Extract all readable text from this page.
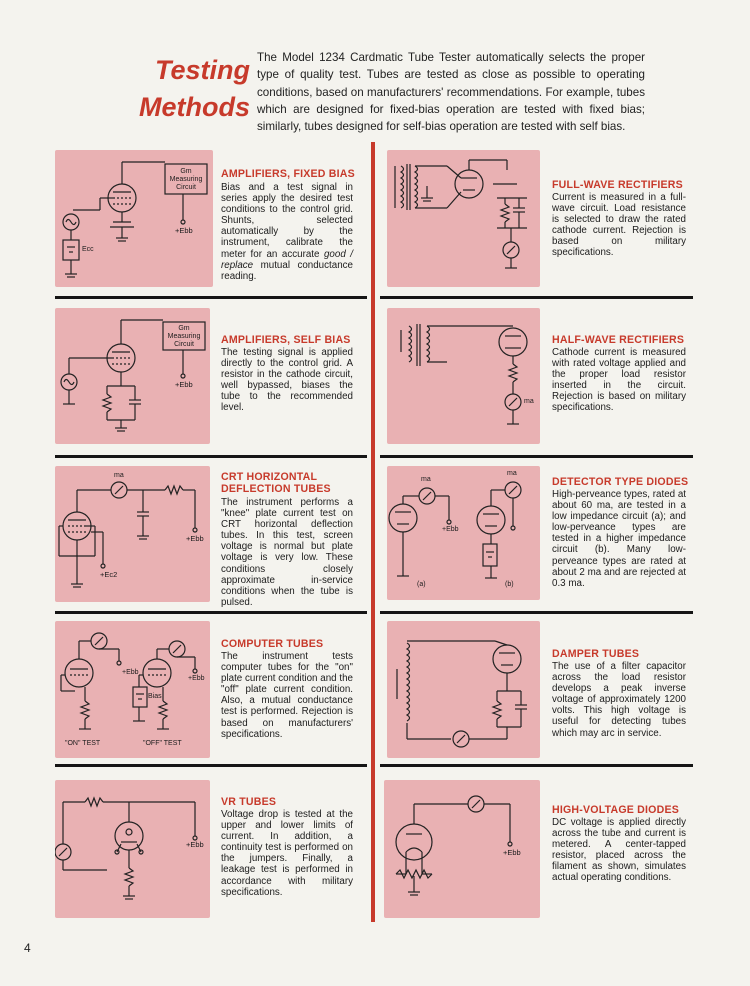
Testing
Methods
The Model 1234 Cardmatic Tube Tester automatically selects the proper type of quality test. Tubes are tested as close as possible to operating conditions, based on manufacturers' recommendations. For example, tubes which are designed for fixed-bias operation are tested with fixed bias; similarly, tubes designed for self-bias operation are tested with self bias.
Gm Measuring Circuit
+Ebb
Ecc
AMPLIFIERS, FIXED BIAS
Bias and a test signal in series apply the desired test conditions to the control grid. Shunts, selected automatically by the instrument, calibrate the meter for an accurate good / replace mutual conductance reading.
Gm Measuring Circuit
+Ebb
AMPLIFIERS, SELF BIAS
The testing signal is applied directly to the control grid. A resistor in the cathode circuit, well bypassed, biases the tube to the recommended level.
ma
+Ebb
+Ec2
CRT HORIZONTAL
DEFLECTION TUBES
The instrument performs a "knee" plate current test on CRT horizontal deflection tubes. In this test, screen voltage is normal but plate voltage is very low. These conditions closely approximate in-service conditions when the tube is pulsed.
+Ebb
+Ebb
Bias
"ON" TEST	"OFF" TEST
COMPUTER TUBES
The instrument tests computer tubes for the "on" plate current condition and the "off" plate current condition. Also, a mutual conductance test is performed. Rejection is based on manufacturers' specifications.
+Ebb
VR TUBES
Voltage drop is tested at the upper and lower limits of current. In addition, a continuity test is performed on the jumpers. Finally, a leakage test is performed in accordance with military specifications.
FULL-WAVE RECTIFIERS
Current is measured in a full-wave circuit. Load resistance is selected to draw the rated cathode current. Rejection is based on military specifications.
ma
HALF-WAVE RECTIFIERS
Cathode current is measured with rated voltage applied and the proper load resistor inserted in the circuit. Rejection is based on military specifications.
ma
ma
+Ebb
(a)	(b)
DETECTOR TYPE DIODES
High-perveance types, rated at about 60 ma, are tested in a low impedance circuit (a); and low-perveance types are tested in a higher impedance circuit (b). Many low-perveance types are rated at about 2 ma and are rejected at 0.3 ma.
DAMPER TUBES
The use of a filter capacitor across the load resistor develops a peak inverse voltage of approximately 1200 volts. This high voltage is useful for detecting tubes which may arc in service.
+Ebb
HIGH-VOLTAGE DIODES
DC voltage is applied directly across the tube and current is metered. A center-tapped resistor, placed across the filament as shown, simulates actual operating conditions.
4
